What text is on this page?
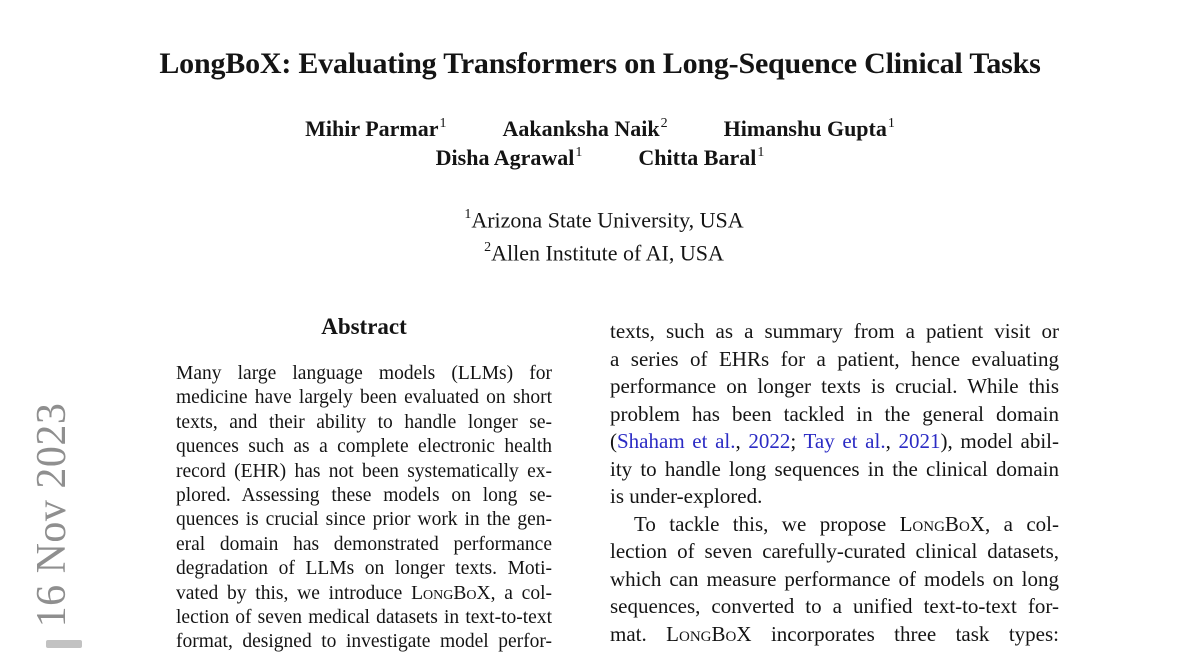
16 Nov 2023
LongBoX: Evaluating Transformers on Long-Sequence Clinical Tasks
Mihir Parmar$^1$	Aakanksha Naik$^2$	Himanshu Gupta$^1$
Disha Agrawal$^1$	Chitta Baral$^1$
$^1$Arizona State University, USA
$^2$Allen Institute of AI, USA
Abstract
Many large language models (LLMs) for
medicine have largely been evaluated on short
texts, and their ability to handle longer se-
quences such as a complete electronic health
record (EHR) has not been systematically ex-
plored. Assessing these models on long se-
quences is crucial since prior work in the gen-
eral domain has demonstrated performance
degradation of LLMs on longer texts. Moti-
vated by this, we introduce LongBoX, a col-
lection of seven medical datasets in text-to-text
format, designed to investigate model perfor-
texts, such as a summary from a patient visit or
a series of EHRs for a patient, hence evaluating
performance on longer texts is crucial. While this
problem has been tackled in the general domain
(Shaham et al., 2022; Tay et al., 2021), model abil-
ity to handle long sequences in the clinical domain
is under-explored.
To tackle this, we propose LongBoX, a col-
lection of seven carefully-curated clinical datasets,
which can measure performance of models on long
sequences, converted to a unified text-to-text for-
mat. LongBoX incorporates three task types:
